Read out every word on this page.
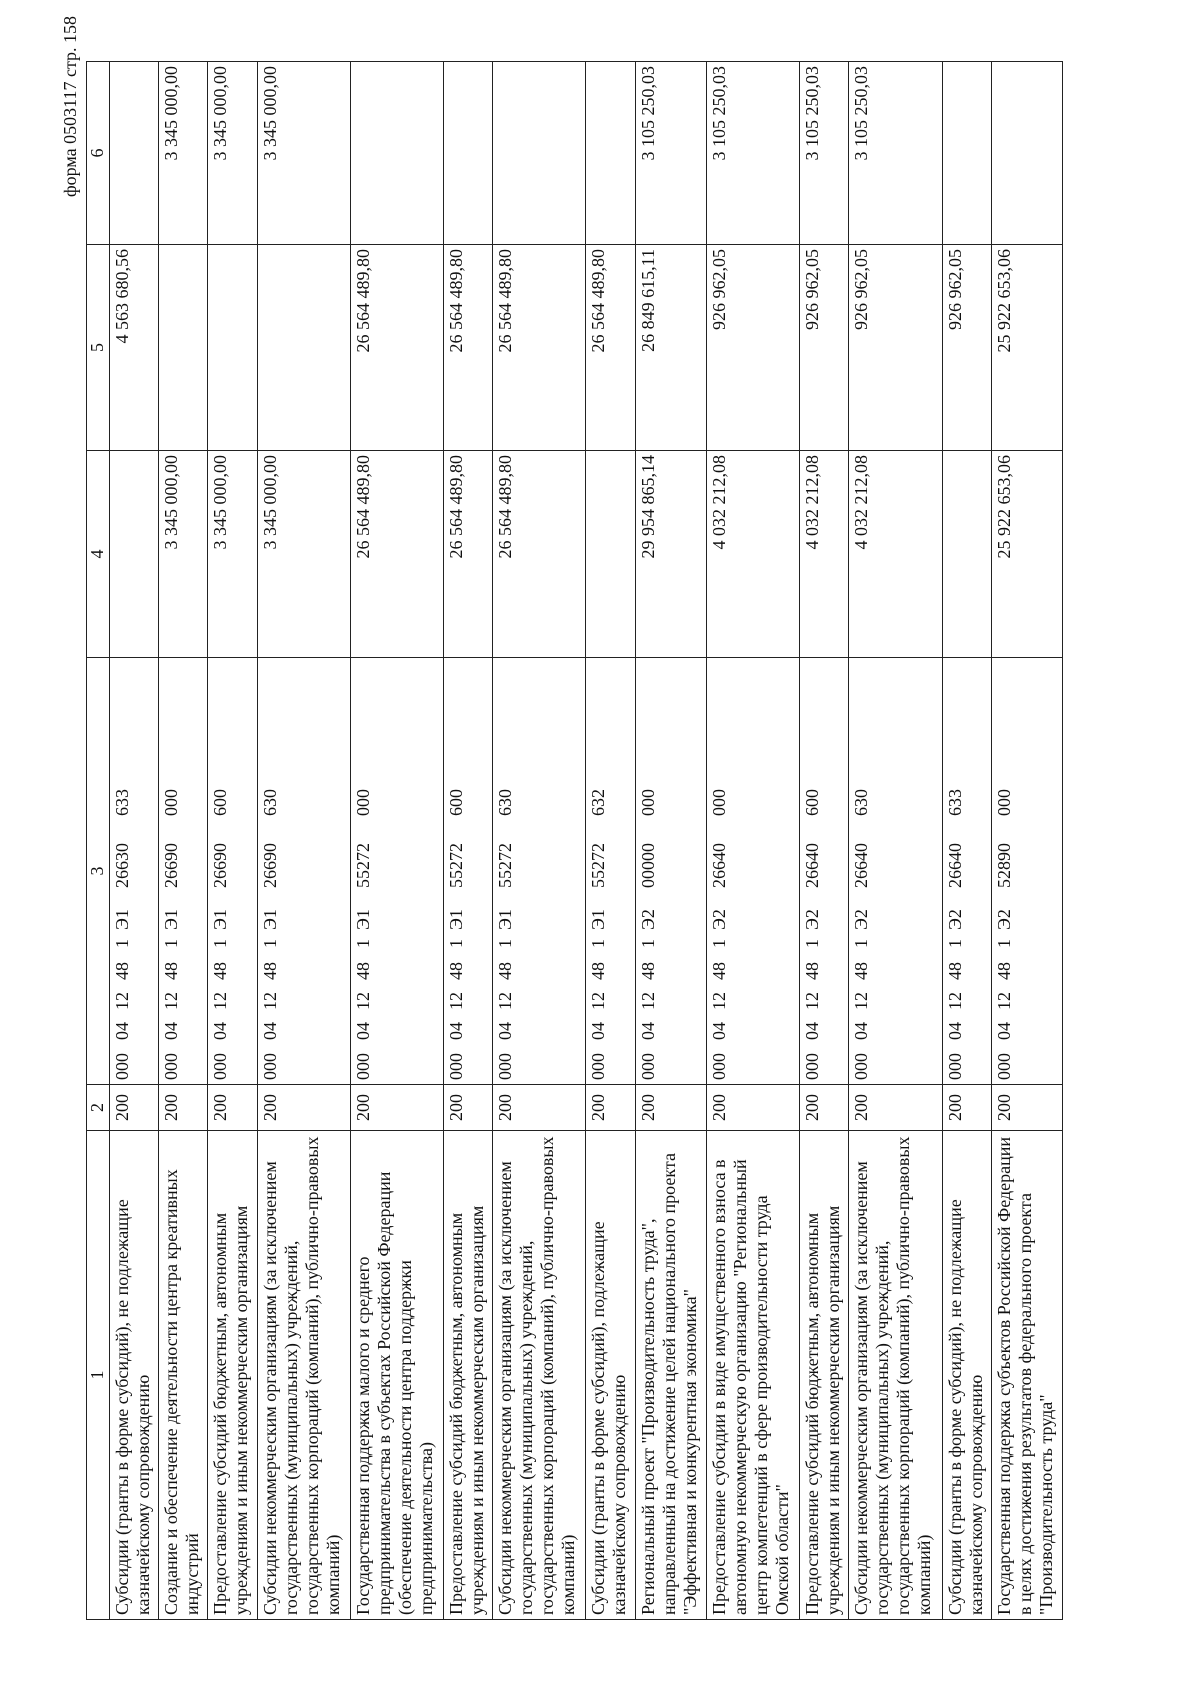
форма 0503117 стр. 158
1	2	3	4	5	6
Субсидии (гранты в форме субсидий), не подлежащие казначейскому сопровождению	200	0000412481Э126630633		4 563 680,56	
Создание и обеспечение деятельности центра креативных индустрий	200	0000412481Э126690000	3 345 000,00		3 345 000,00
Предоставление субсидий бюджетным, автономным учреждениям и иным некоммерческим организациям	200	0000412481Э126690600	3 345 000,00		3 345 000,00
Субсидии некоммерческим организациям (за исключением государственных (муниципальных) учреждений, государственных корпораций (компаний), публично-правовых компаний)	200	0000412481Э126690630	3 345 000,00		3 345 000,00
Государственная поддержка малого и среднего предпринимательства в субъектах Российской Федерации (обеспечение деятельности центра поддержки предпринимательства)	200	0000412481Э155272000	26 564 489,80	26 564 489,80	
Предоставление субсидий бюджетным, автономным учреждениям и иным некоммерческим организациям	200	0000412481Э155272600	26 564 489,80	26 564 489,80	
Субсидии некоммерческим организациям (за исключением государственных (муниципальных) учреждений, государственных корпораций (компаний), публично-правовых компаний)	200	0000412481Э155272630	26 564 489,80	26 564 489,80	
Субсидии (гранты в форме субсидий), подлежащие казначейскому сопровождению	200	0000412481Э155272632		26 564 489,80	
Региональный проект "Производительность труда", направленный на достижение целей национального проекта "Эффективная и конкурентная экономика"	200	0000412481Э200000000	29 954 865,14	26 849 615,11	3 105 250,03
Предоставление субсидии в виде имущественного взноса в автономную некоммерческую организацию "Региональный центр компетенций в сфере производительности труда Омской области"	200	0000412481Э226640000	4 032 212,08	926 962,05	3 105 250,03
Предоставление субсидий бюджетным, автономным учреждениям и иным некоммерческим организациям	200	0000412481Э226640600	4 032 212,08	926 962,05	3 105 250,03
Субсидии некоммерческим организациям (за исключением государственных (муниципальных) учреждений, государственных корпораций (компаний), публично-правовых компаний)	200	0000412481Э226640630	4 032 212,08	926 962,05	3 105 250,03
Субсидии (гранты в форме субсидий), не подлежащие казначейскому сопровождению	200	0000412481Э226640633		926 962,05	
Государственная поддержка субъектов Российской Федерации в целях достижения результатов федерального проекта "Производительность труда"	200	0000412481Э252890000	25 922 653,06	25 922 653,06	
